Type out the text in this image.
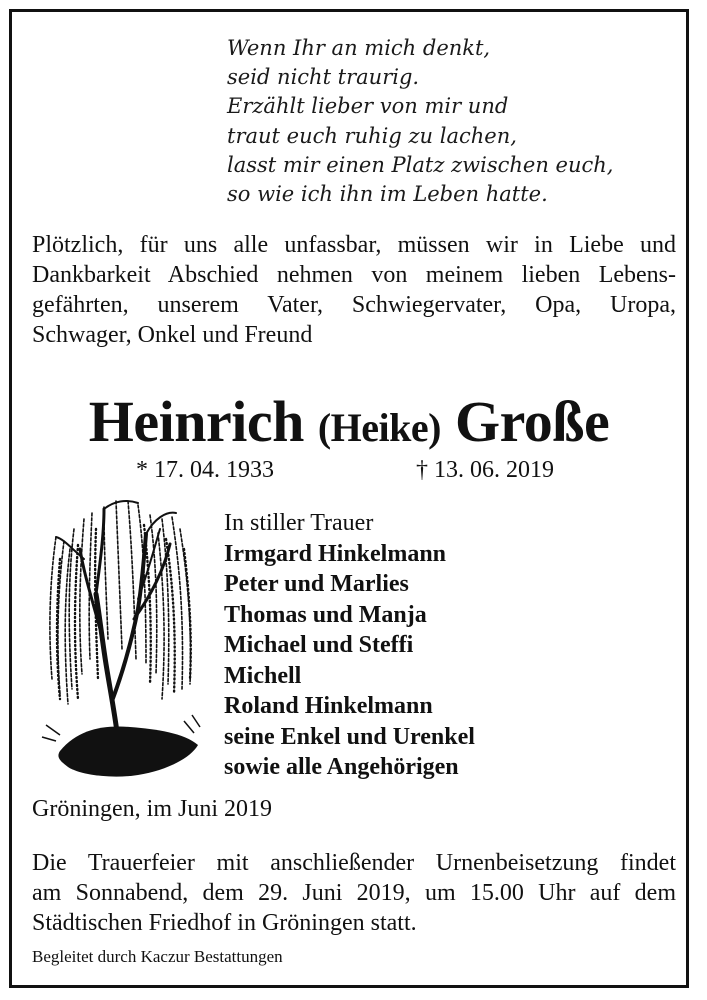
Wenn Ihr an mich denkt,
seid nicht traurig.
Erzählt lieber von mir und
traut euch ruhig zu lachen,
lasst mir einen Platz zwischen euch,
so wie ich ihn im Leben hatte.
Plötzlich, für uns alle unfassbar, müssen wir in Liebe und
Dankbarkeit Abschied nehmen von meinem lieben Lebens-
gefährten, unserem Vater, Schwiegervater, Opa, Uropa,
Schwager, Onkel und Freund
Heinrich (Heike) Große
* 17. 04. 1933	† 13. 06. 2019
In stiller Trauer
Irmgard Hinkelmann
Peter und Marlies
Thomas und Manja
Michael und Steffi
Michell
Roland Hinkelmann
seine Enkel und Urenkel
sowie alle Angehörigen
Gröningen, im Juni 2019
Die Trauerfeier mit anschließender Urnenbeisetzung findet
am Sonnabend, dem 29. Juni 2019, um 15.00 Uhr auf dem
Städtischen Friedhof in Gröningen statt.
Begleitet durch Kaczur Bestattungen
